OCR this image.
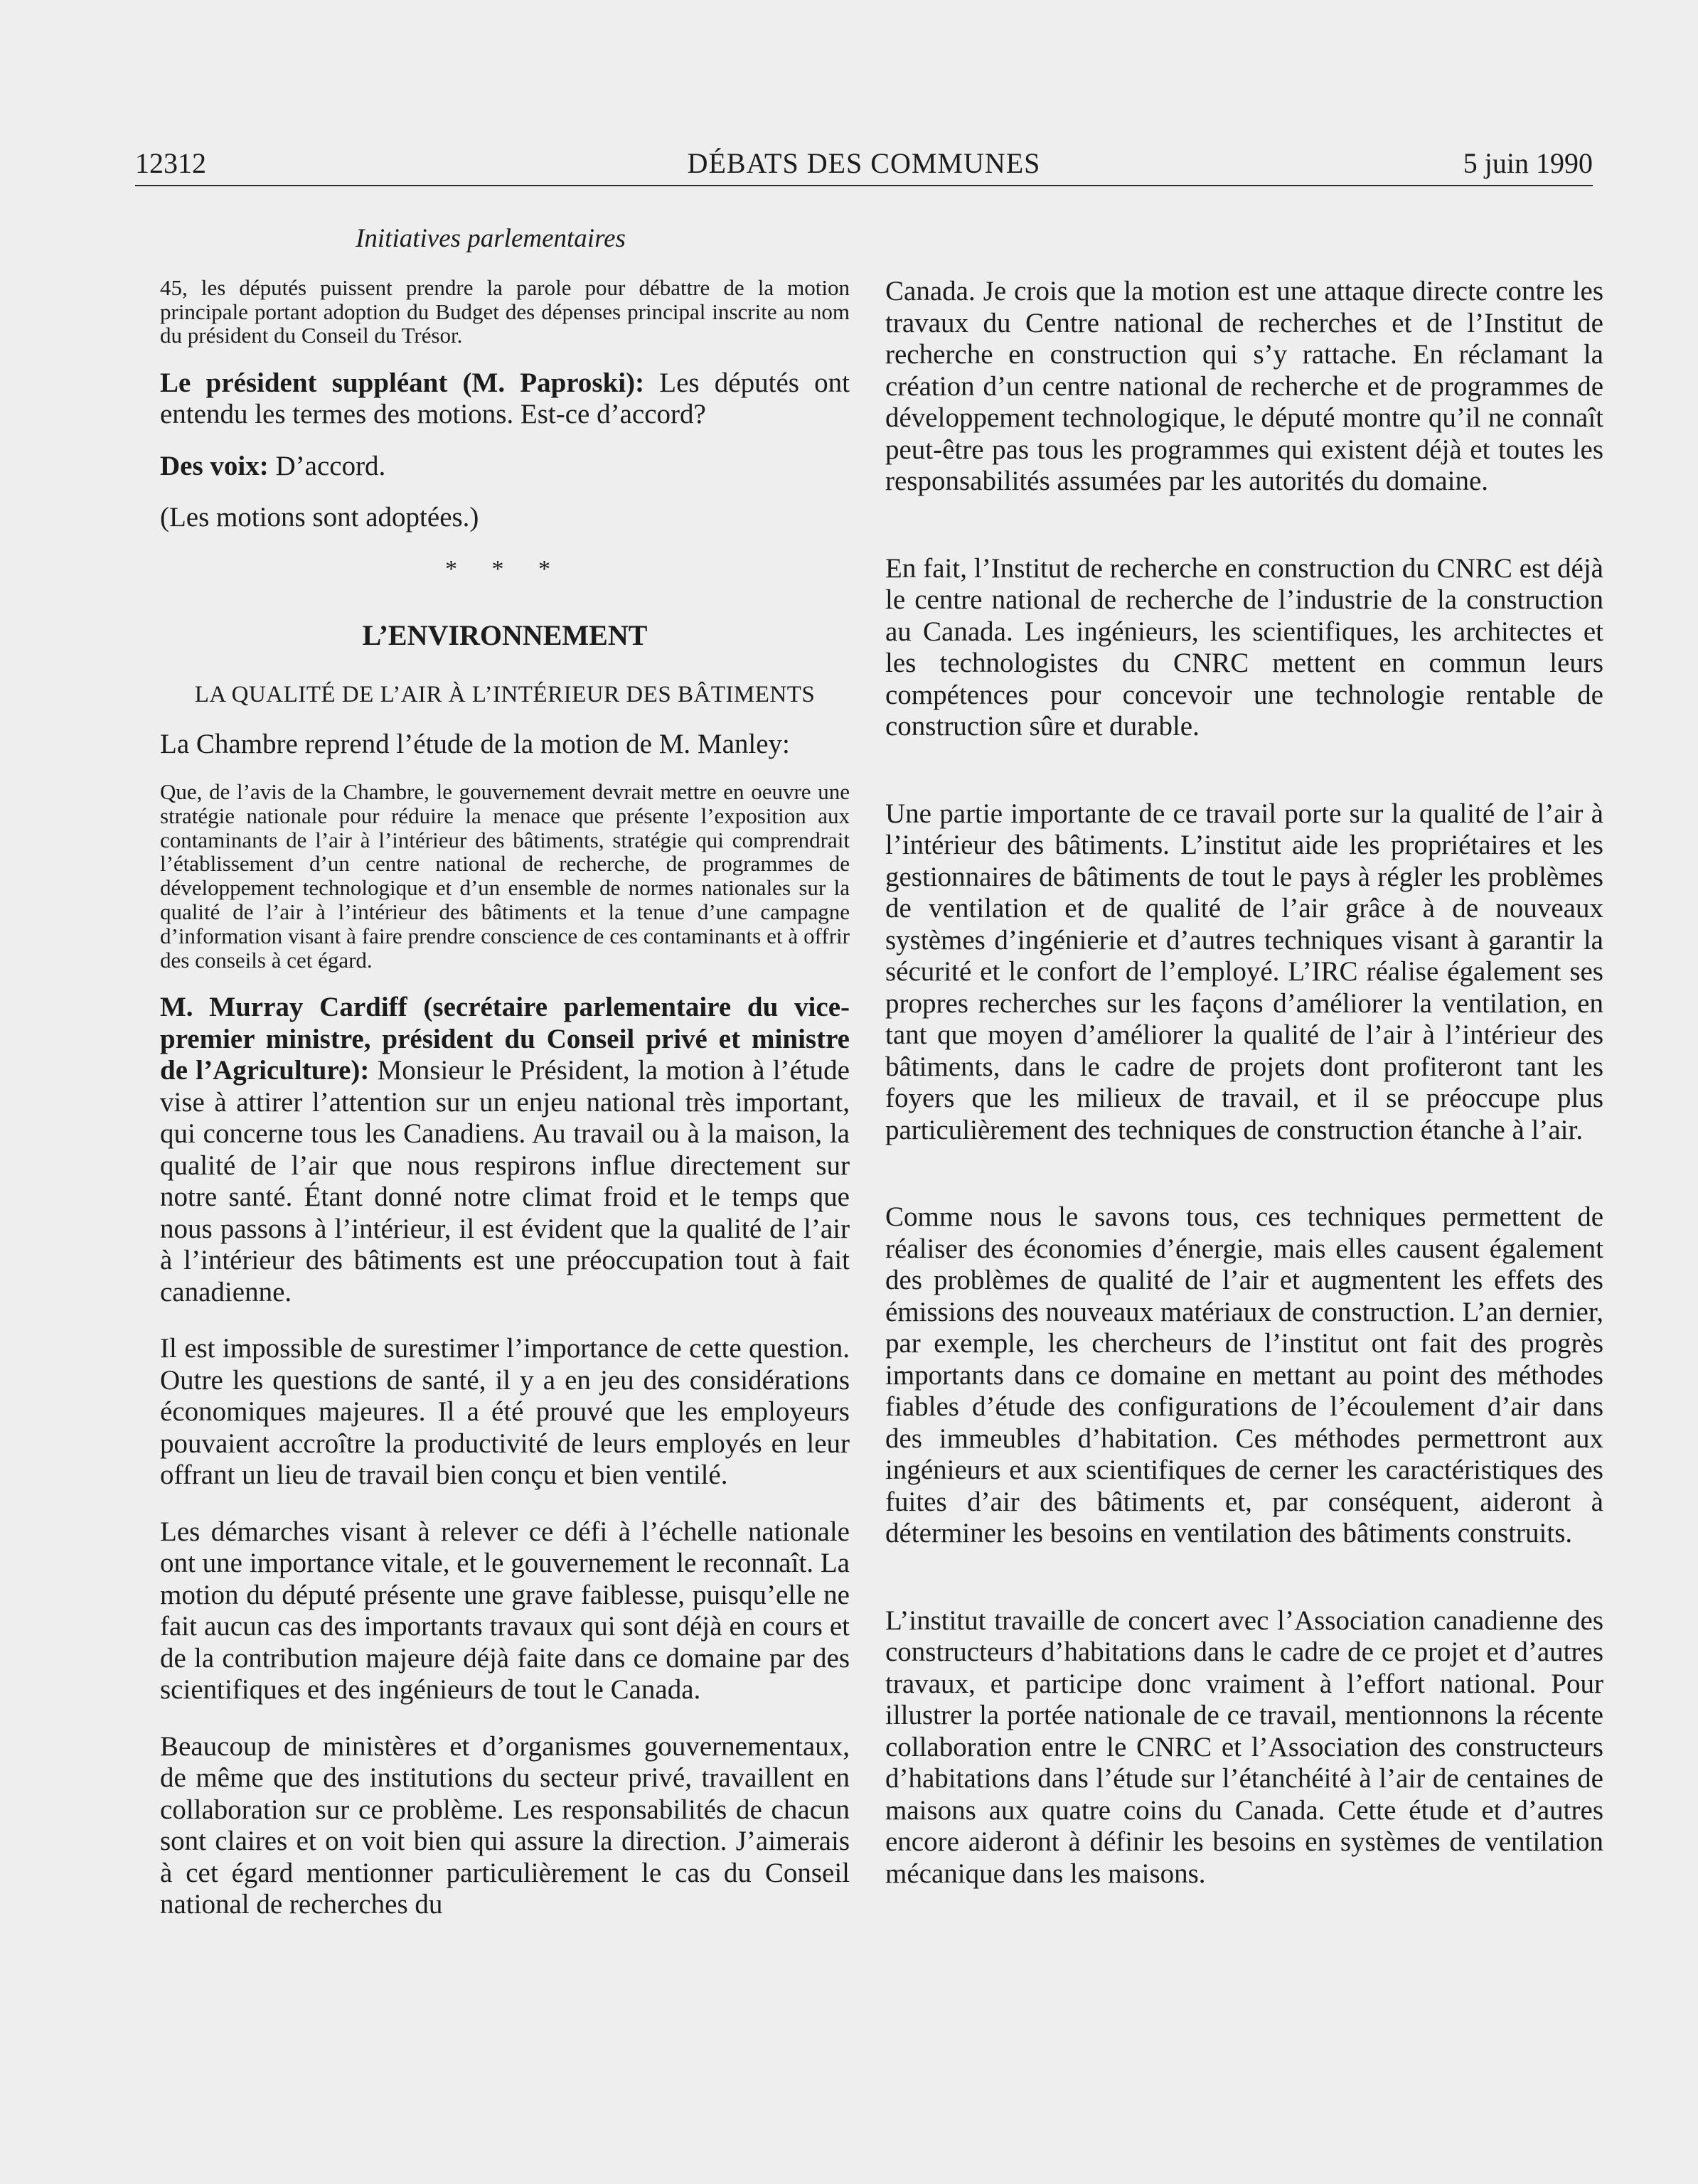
DÉBATS DES COMMUNES
12312	5 juin 1990
Initiatives parlementaires

45, les députés puissent prendre la parole pour débattre de la motion principale portant adoption du Budget des dépenses principal inscrite au nom du président du Conseil du Trésor.

Le président suppléant (M. Paproski): Les députés ont entendu les termes des motions. Est-ce d’accord?

Des voix: D’accord.

(Les motions sont adoptées.)

* * *
L’ENVIRONNEMENT
LA QUALITÉ DE L’AIR À L’INTÉRIEUR DES BÂTIMENTS

La Chambre reprend l’étude de la motion de M. Manley:

Que, de l’avis de la Chambre, le gouvernement devrait mettre en oeuvre une stratégie nationale pour réduire la menace que présente l’exposition aux contaminants de l’air à l’intérieur des bâtiments, stratégie qui comprendrait l’établissement d’un centre national de recherche, de programmes de développement technologique et d’un ensemble de normes nationales sur la qualité de l’air à l’intérieur des bâtiments et la tenue d’une campagne d’information visant à faire prendre conscience de ces contaminants et à offrir des conseils à cet égard.

M. Murray Cardiff (secrétaire parlementaire du vice-premier ministre, président du Conseil privé et ministre de l’Agriculture): Monsieur le Président, la motion à l’étude vise à attirer l’attention sur un enjeu national très important, qui concerne tous les Canadiens. Au travail ou à la maison, la qualité de l’air que nous respirons influe directement sur notre santé. Étant donné notre climat froid et le temps que nous passons à l’intérieur, il est évident que la qualité de l’air à l’intérieur des bâtiments est une préoccupation tout à fait canadienne.

Il est impossible de surestimer l’importance de cette question. Outre les questions de santé, il y a en jeu des considérations économiques majeures. Il a été prouvé que les employeurs pouvaient accroître la productivité de leurs employés en leur offrant un lieu de travail bien conçu et bien ventilé.

Les démarches visant à relever ce défi à l’échelle nationale ont une importance vitale, et le gouvernement le reconnaît. La motion du député présente une grave faiblesse, puisqu’elle ne fait aucun cas des importants travaux qui sont déjà en cours et de la contribution majeure déjà faite dans ce domaine par des scientifiques et des ingénieurs de tout le Canada.

Beaucoup de ministères et d’organismes gouvernementaux, de même que des institutions du secteur privé, travaillent en collaboration sur ce problème. Les responsabilités de chacun sont claires et on voit bien qui assure la direction. J’aimerais à cet égard mentionner particulièrement le cas du Conseil national de recherches du

Canada. Je crois que la motion est une attaque directe contre les travaux du Centre national de recherches et de l’Institut de recherche en construction qui s’y rattache. En réclamant la création d’un centre national de recherche et de programmes de développement technologique, le député montre qu’il ne connaît peut-être pas tous les programmes qui existent déjà et toutes les responsabilités assumées par les autorités du domaine.

En fait, l’Institut de recherche en construction du CNRC est déjà le centre national de recherche de l’industrie de la construction au Canada. Les ingénieurs, les scientifiques, les architectes et les technologistes du CNRC mettent en commun leurs compétences pour concevoir une technologie rentable de construction sûre et durable.

Une partie importante de ce travail porte sur la qualité de l’air à l’intérieur des bâtiments. L’institut aide les propriétaires et les gestionnaires de bâtiments de tout le pays à régler les problèmes de ventilation et de qualité de l’air grâce à de nouveaux systèmes d’ingénierie et d’autres techniques visant à garantir la sécurité et le confort de l’employé. L’IRC réalise également ses propres recherches sur les façons d’améliorer la ventilation, en tant que moyen d’améliorer la qualité de l’air à l’intérieur des bâtiments, dans le cadre de projets dont profiteront tant les foyers que les milieux de travail, et il se préoccupe plus particulièrement des techniques de construction étanche à l’air.

Comme nous le savons tous, ces techniques permettent de réaliser des économies d’énergie, mais elles causent également des problèmes de qualité de l’air et augmentent les effets des émissions des nouveaux matériaux de construction. L’an dernier, par exemple, les chercheurs de l’institut ont fait des progrès importants dans ce domaine en mettant au point des méthodes fiables d’étude des configurations de l’écoulement d’air dans des immeubles d’habitation. Ces méthodes permettront aux ingénieurs et aux scientifiques de cerner les caractéristiques des fuites d’air des bâtiments et, par conséquent, aideront à déterminer les besoins en ventilation des bâtiments construits.

L’institut travaille de concert avec l’Association canadienne des constructeurs d’habitations dans le cadre de ce projet et d’autres travaux, et participe donc vraiment à l’effort national. Pour illustrer la portée nationale de ce travail, mentionnons la récente collaboration entre le CNRC et l’Association des constructeurs d’habitations dans l’étude sur l’étanchéité à l’air de centaines de maisons aux quatre coins du Canada. Cette étude et d’autres encore aideront à définir les besoins en systèmes de ventilation mécanique dans les maisons.
